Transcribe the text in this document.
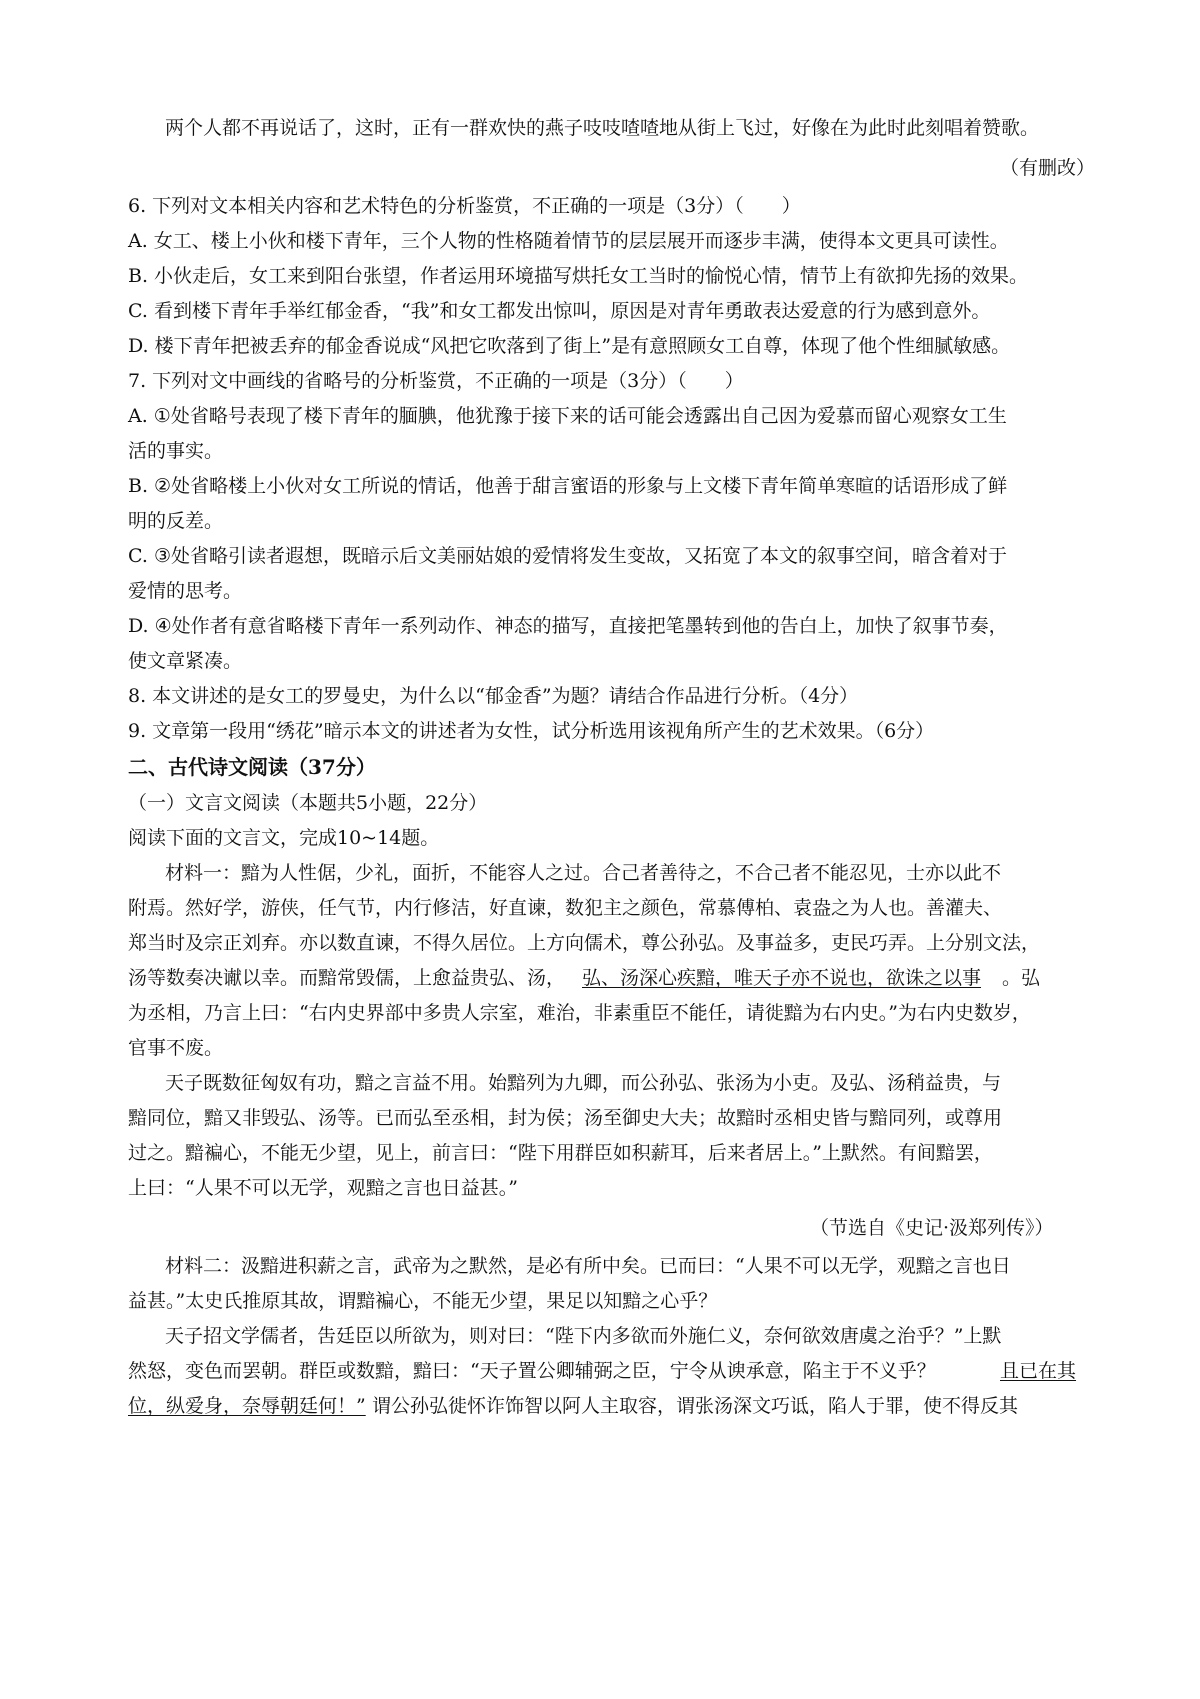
两个人都不再说话了，这时，正有一群欢快的燕子吱吱喳喳地从街上飞过，好像在为此时此刻唱着赞歌。
（有删改）
6. 下列对文本相关内容和艺术特色的分析鉴赏，不正确的一项是（3分）（　　）
A. 女工、楼上小伙和楼下青年，三个人物的性格随着情节的层层展开而逐步丰满，使得本文更具可读性。
B. 小伙走后，女工来到阳台张望，作者运用环境描写烘托女工当时的愉悦心情，情节上有欲抑先扬的效果。
C. 看到楼下青年手举红郁金香，“我”和女工都发出惊叫，原因是对青年勇敢表达爱意的行为感到意外。
D. 楼下青年把被丢弃的郁金香说成“风把它吹落到了街上”是有意照顾女工自尊，体现了他个性细腻敏感。
7. 下列对文中画线的省略号的分析鉴赏，不正确的一项是（3分）（　　）
A. ①处省略号表现了楼下青年的腼腆，他犹豫于接下来的话可能会透露出自己因为爱慕而留心观察女工生
活的事实。
B. ②处省略楼上小伙对女工所说的情话，他善于甜言蜜语的形象与上文楼下青年简单寒暄的话语形成了鲜
明的反差。
C. ③处省略引读者遐想，既暗示后文美丽姑娘的爱情将发生变故，又拓宽了本文的叙事空间，暗含着对于
爱情的思考。
D. ④处作者有意省略楼下青年一系列动作、神态的描写，直接把笔墨转到他的告白上，加快了叙事节奏，
使文章紧凑。
8. 本文讲述的是女工的罗曼史，为什么以“郁金香”为题？请结合作品进行分析。（4分）
9. 文章第一段用“绣花”暗示本文的讲述者为女性，试分析选用该视角所产生的艺术效果。（6分）
二、古代诗文阅读（37分）
（一）文言文阅读（本题共5小题，22分）
阅读下面的文言文，完成10~14题。
材料一：黯为人性倨，少礼，面折，不能容人之过。合己者善待之，不合己者不能忍见，士亦以此不
附焉。然好学，游侠，任气节，内行修洁，好直谏，数犯主之颜色，常慕傅柏、袁盎之为人也。善灌夫、
郑当时及宗正刘弃。亦以数直谏，不得久居位。上方向儒术，尊公孙弘。及事益多，吏民巧弄。上分别文法，
汤等数奏决谳以幸。而黯常毁儒，上愈益贵弘、汤， 弘、汤深心疾黯，唯天子亦不说也，欲诛之以事 。弘
为丞相，乃言上曰：“右内史界部中多贵人宗室，难治，非素重臣不能任，请徙黯为右内史。”为右内史数岁，
官事不废。
天子既数征匈奴有功，黯之言益不用。始黯列为九卿，而公孙弘、张汤为小吏。及弘、汤稍益贵，与
黯同位，黯又非毁弘、汤等。已而弘至丞相，封为侯；汤至御史大夫；故黯时丞相史皆与黯同列，或尊用
过之。黯褊心，不能无少望，见上，前言曰：“陛下用群臣如积薪耳，后来者居上。”上默然。有间黯罢，
上曰：“人果不可以无学，观黯之言也日益甚。”
（节选自《史记·汲郑列传》）
材料二：汲黯进积薪之言，武帝为之默然，是必有所中矣。已而曰：“人果不可以无学，观黯之言也日
益甚。”太史氏推原其故，谓黯褊心，不能无少望，果足以知黯之心乎？
天子招文学儒者，吿廷臣以所欲为，则对曰：“陛下内多欲而外施仁义，奈何欲效唐虞之治乎？”上默
然怒，变色而罢朝。群臣或数黯，黯曰：“天子置公卿辅弼之臣，宁令从谀承意，陷主于不义乎？	且已在其
位，纵爱身，奈辱朝廷何！” 谓公孙弘徙怀诈饰智以阿人主取容，谓张汤深文巧诋，陷人于罪，使不得反其
